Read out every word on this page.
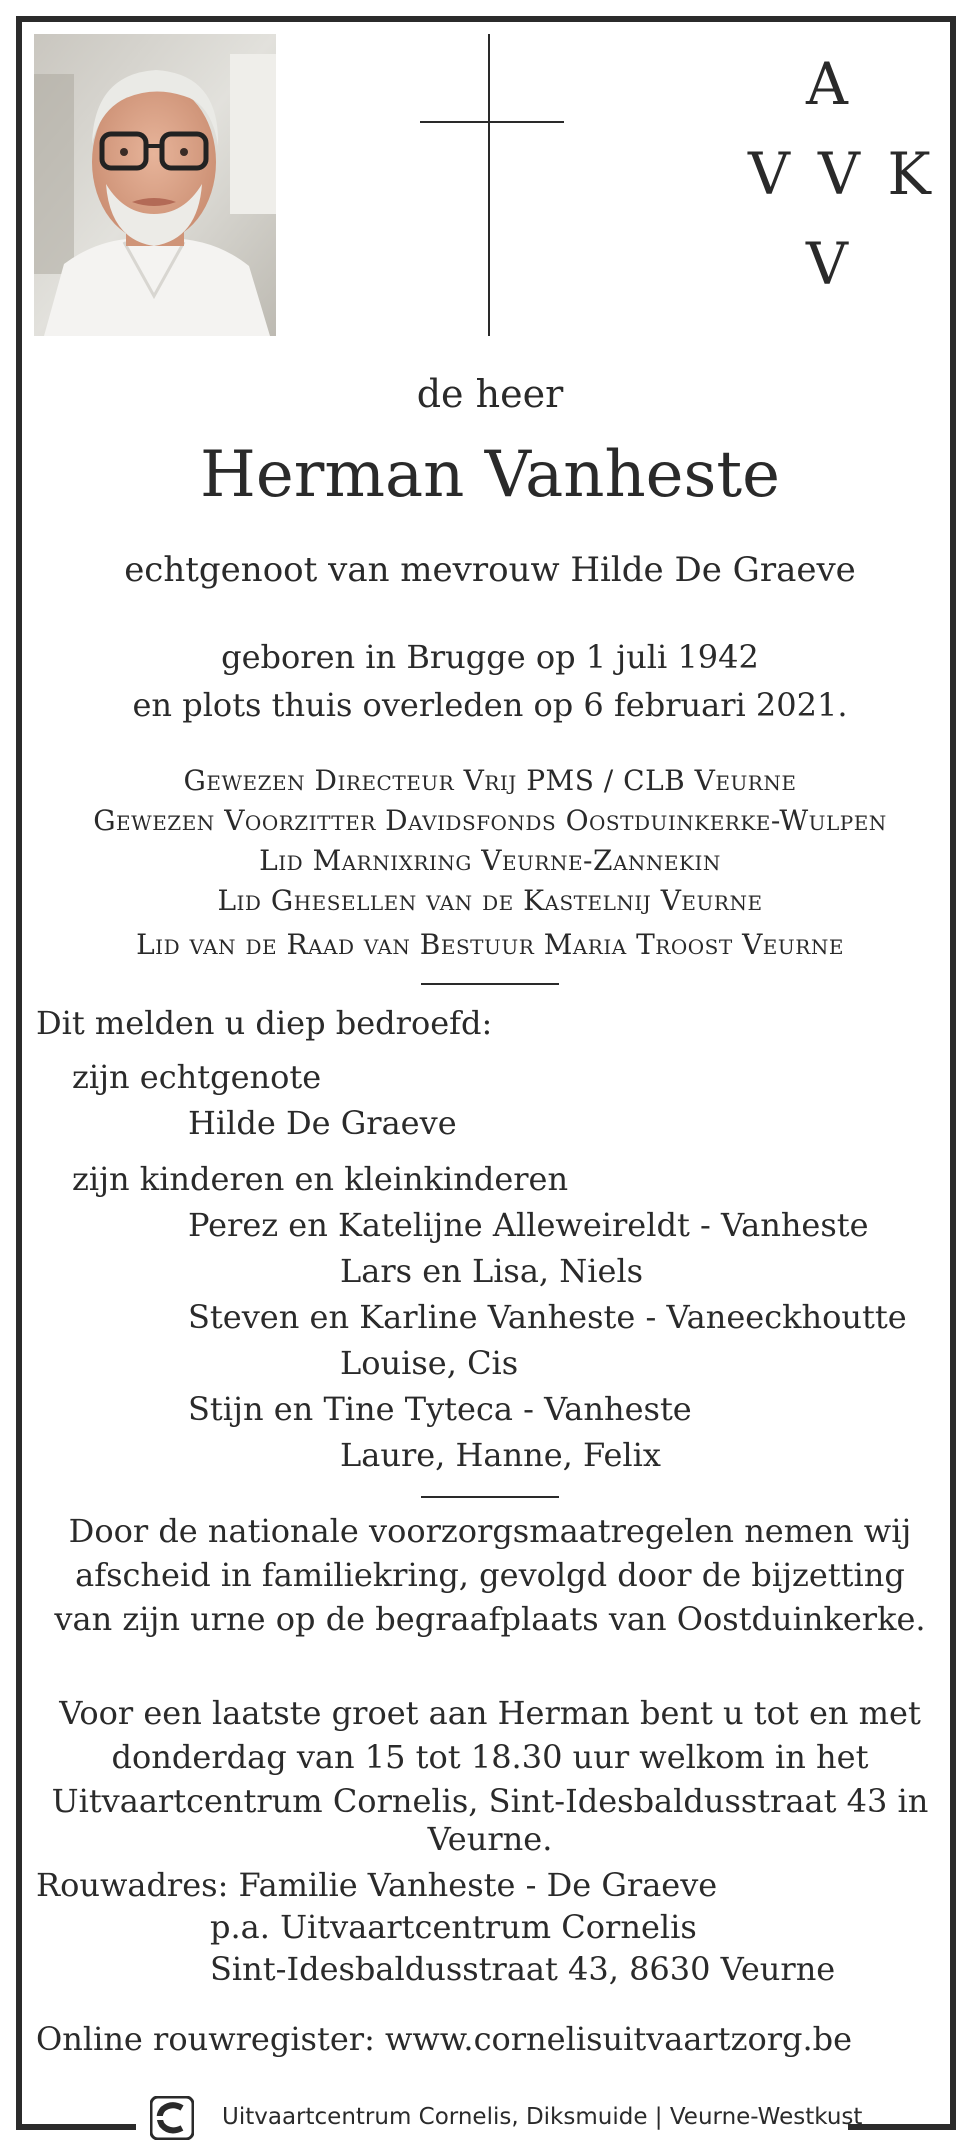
A
V V K
V
de heer
Herman Vanheste
echtgenoot van mevrouw Hilde De Graeve
geboren in Brugge op 1 juli 1942
en plots thuis overleden op 6 februari 2021.
Gewezen Directeur Vrij PMS / CLB Veurne
Gewezen Voorzitter Davidsfonds Oostduinkerke-Wulpen
Lid Marnixring Veurne-Zannekin
Lid Ghesellen van de Kastelnij Veurne
Lid van de Raad van Bestuur Maria Troost Veurne
Dit melden u diep bedroefd:
zijn echtgenote
Hilde De Graeve
zijn kinderen en kleinkinderen
Perez en Katelijne Alleweireldt - Vanheste
Lars en Lisa, Niels
Steven en Karline Vanheste - Vaneeckhoutte
Louise, Cis
Stijn en Tine Tyteca - Vanheste
Laure, Hanne, Felix
Door de nationale voorzorgsmaatregelen nemen wij
afscheid in familiekring, gevolgd door de bijzetting
van zijn urne op de begraafplaats van Oostduinkerke.
Voor een laatste groet aan Herman bent u tot en met
donderdag van 15 tot 18.30 uur welkom in het
Uitvaartcentrum Cornelis, Sint-Idesbaldusstraat 43 in Veurne.
Rouwadres: Familie Vanheste - De Graeve
p.a. Uitvaartcentrum Cornelis
Sint-Idesbaldusstraat 43, 8630 Veurne
Online rouwregister: www.cornelisuitvaartzorg.be
Uitvaartcentrum Cornelis, Diksmuide | Veurne-Westkust
